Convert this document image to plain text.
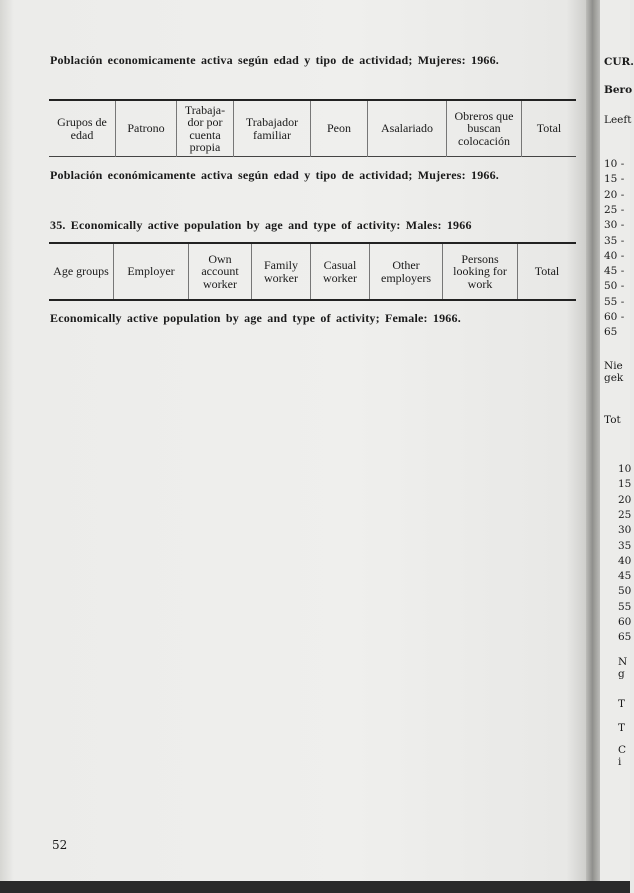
Población economicamente activa según edad y tipo de actividad; Mujeres: 1966.
Grupos de edad	Patrono	Trabaja-dor por cuenta propia	Trabajador familiar	Peon	Asalariado	Obreros que buscan colocación	Total
Población económicamente activa según edad y tipo de actividad; Mujeres: 1966.
35. Economically active population by age and type of activity: Males: 1966
Age groups	Employer	Own account worker	Family worker	Casual worker	Other employers	Persons looking for work	Total
Economically active population by age and type of activity; Female: 1966.
52
CUR.
Bero
Leeft
10 -
15 -
20 -
25 -
30 -
35 -
40 -
45 -
50 -
55 -
60 -
65
Nie
gek
Tot
10
15
20
25
30
35
40
45
50
55
60
65
N
g
T
T
C
i
